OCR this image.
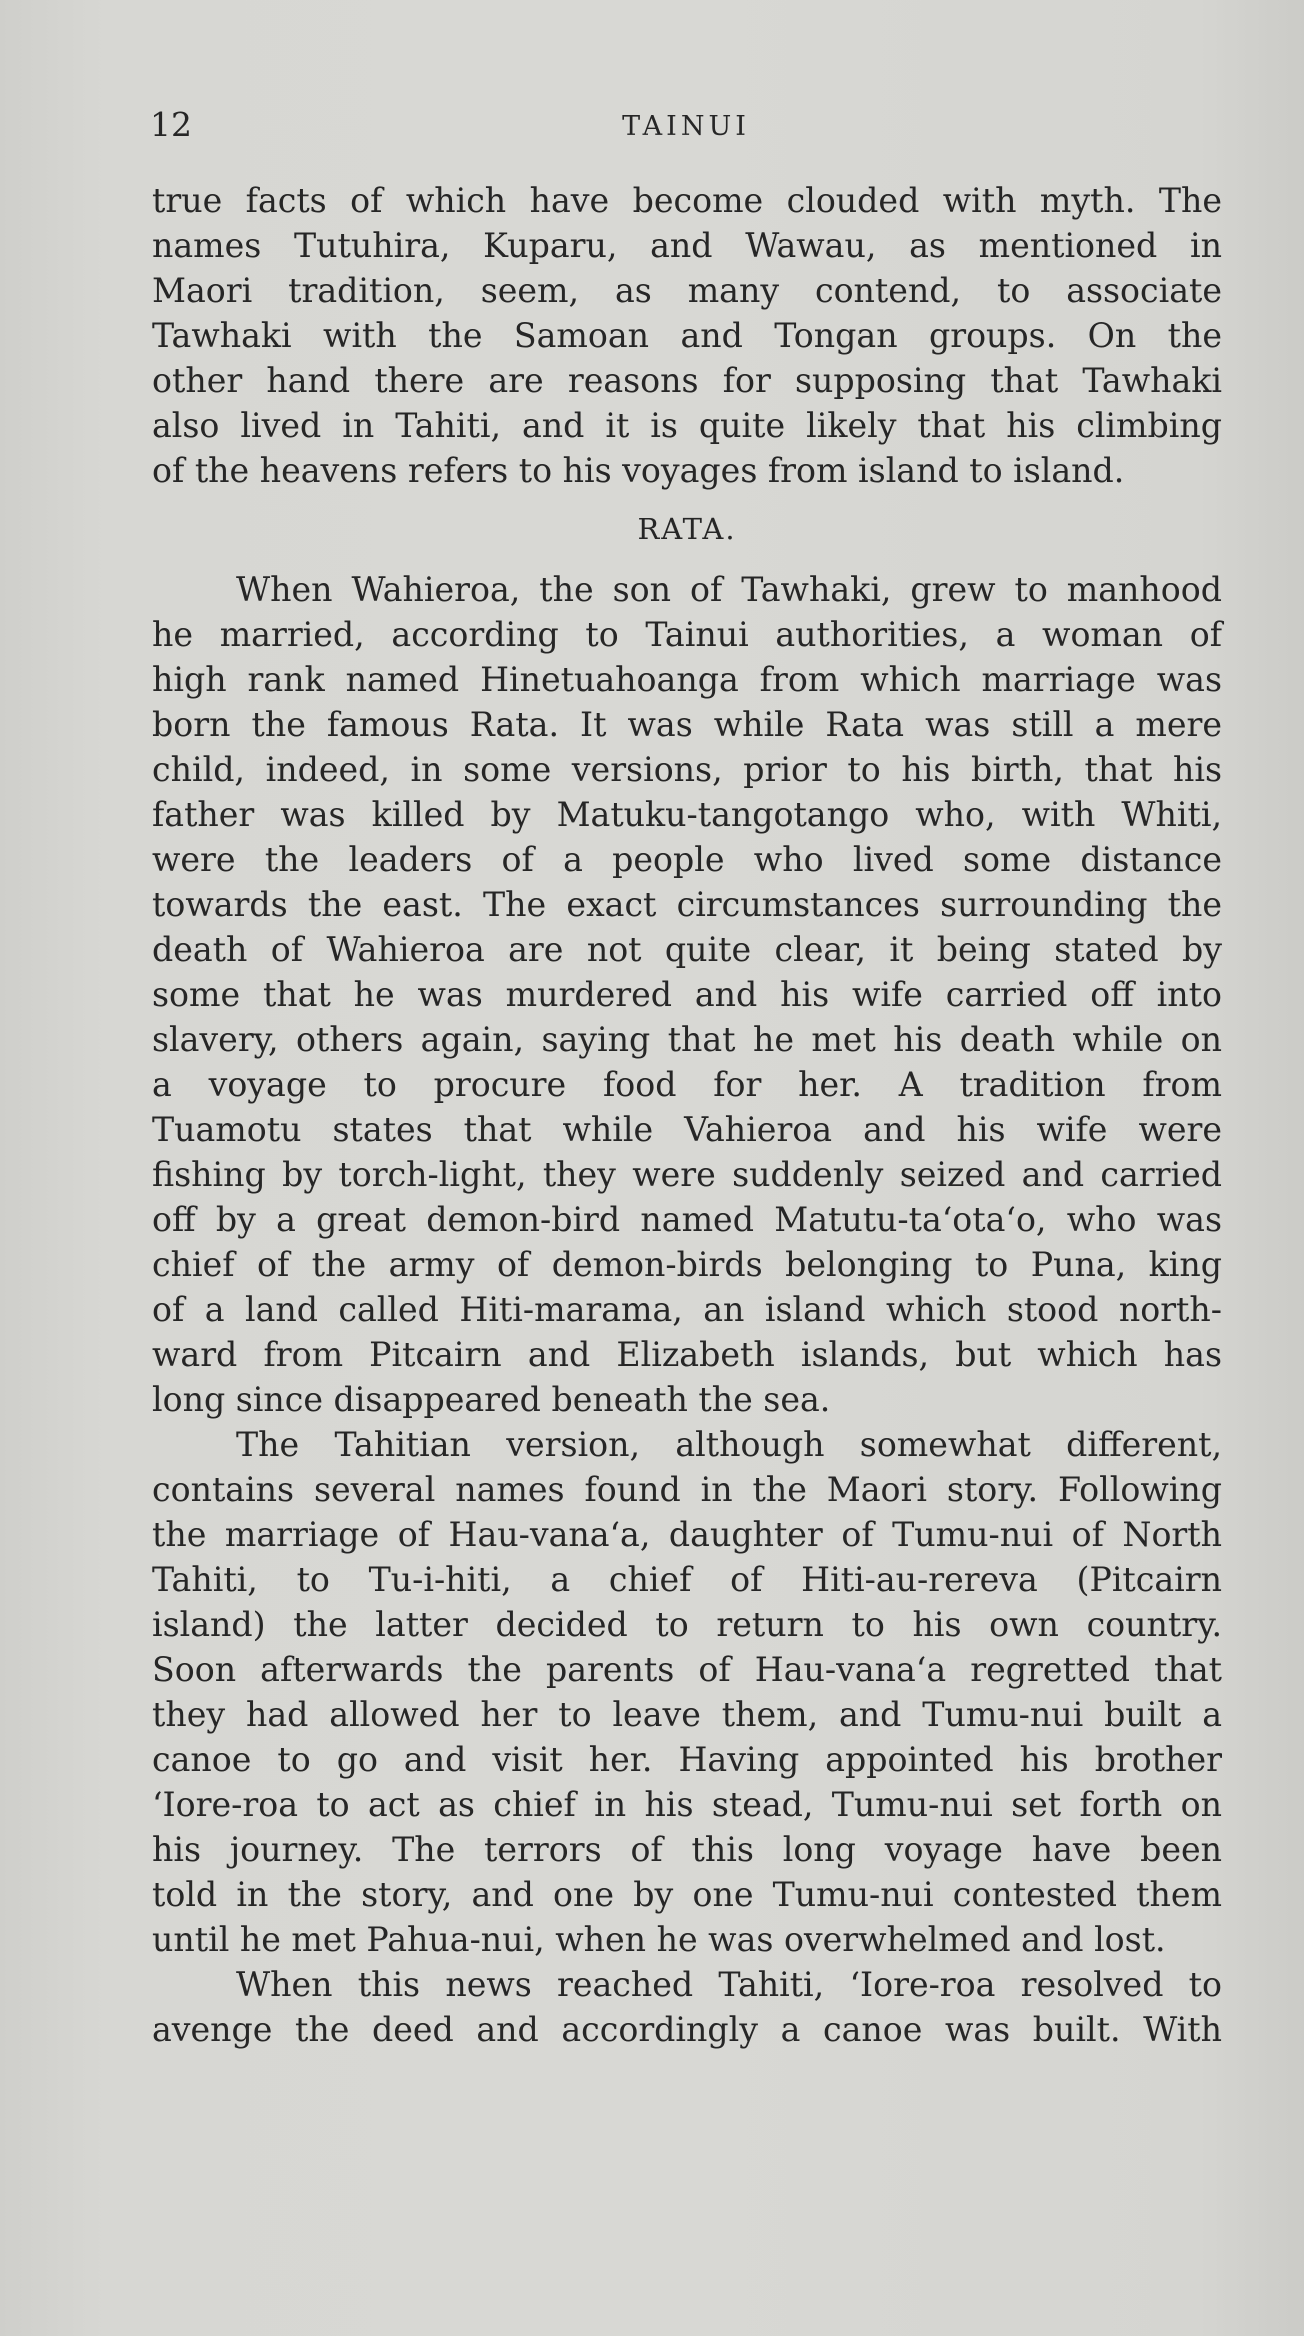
12	TAINUI
true facts of which have become clouded with myth. The
names Tutuhira, Kuparu, and Wawau, as mentioned in
Maori tradition, seem, as many contend, to associate
Tawhaki with the Samoan and Tongan groups. On the
other hand there are reasons for supposing that Tawhaki
also lived in Tahiti, and it is quite likely that his climbing
of the heavens refers to his voyages from island to island.
RATA.
When Wahieroa, the son of Tawhaki, grew to manhood
he married, according to Tainui authorities, a woman of
high rank named Hinetuahoanga from which marriage was
born the famous Rata. It was while Rata was still a mere
child, indeed, in some versions, prior to his birth, that his
father was killed by Matuku-tangotango who, with Whiti,
were the leaders of a people who lived some distance
towards the east. The exact circumstances surrounding the
death of Wahieroa are not quite clear, it being stated by
some that he was murdered and his wife carried off into
slavery, others again, saying that he met his death while on
a voyage to procure food for her. A tradition from
Tuamotu states that while Vahieroa and his wife were
fishing by torch-light, they were suddenly seized and carried
off by a great demon-bird named Matutu-ta‘ota‘o, who was
chief of the army of demon-birds belonging to Puna, king
of a land called Hiti-marama, an island which stood north-
ward from Pitcairn and Elizabeth islands, but which has
long since disappeared beneath the sea.
The Tahitian version, although somewhat different,
contains several names found in the Maori story. Following
the marriage of Hau-vana‘a, daughter of Tumu-nui of North
Tahiti, to Tu-i-hiti, a chief of Hiti-au-rereva (Pitcairn
island) the latter decided to return to his own country.
Soon afterwards the parents of Hau-vana‘a regretted that
they had allowed her to leave them, and Tumu-nui built a
canoe to go and visit her. Having appointed his brother
‘Iore-roa to act as chief in his stead, Tumu-nui set forth on
his journey. The terrors of this long voyage have been
told in the story, and one by one Tumu-nui contested them
until he met Pahua-nui, when he was overwhelmed and lost.
When this news reached Tahiti, ‘Iore-roa resolved to
avenge the deed and accordingly a canoe was built. With
